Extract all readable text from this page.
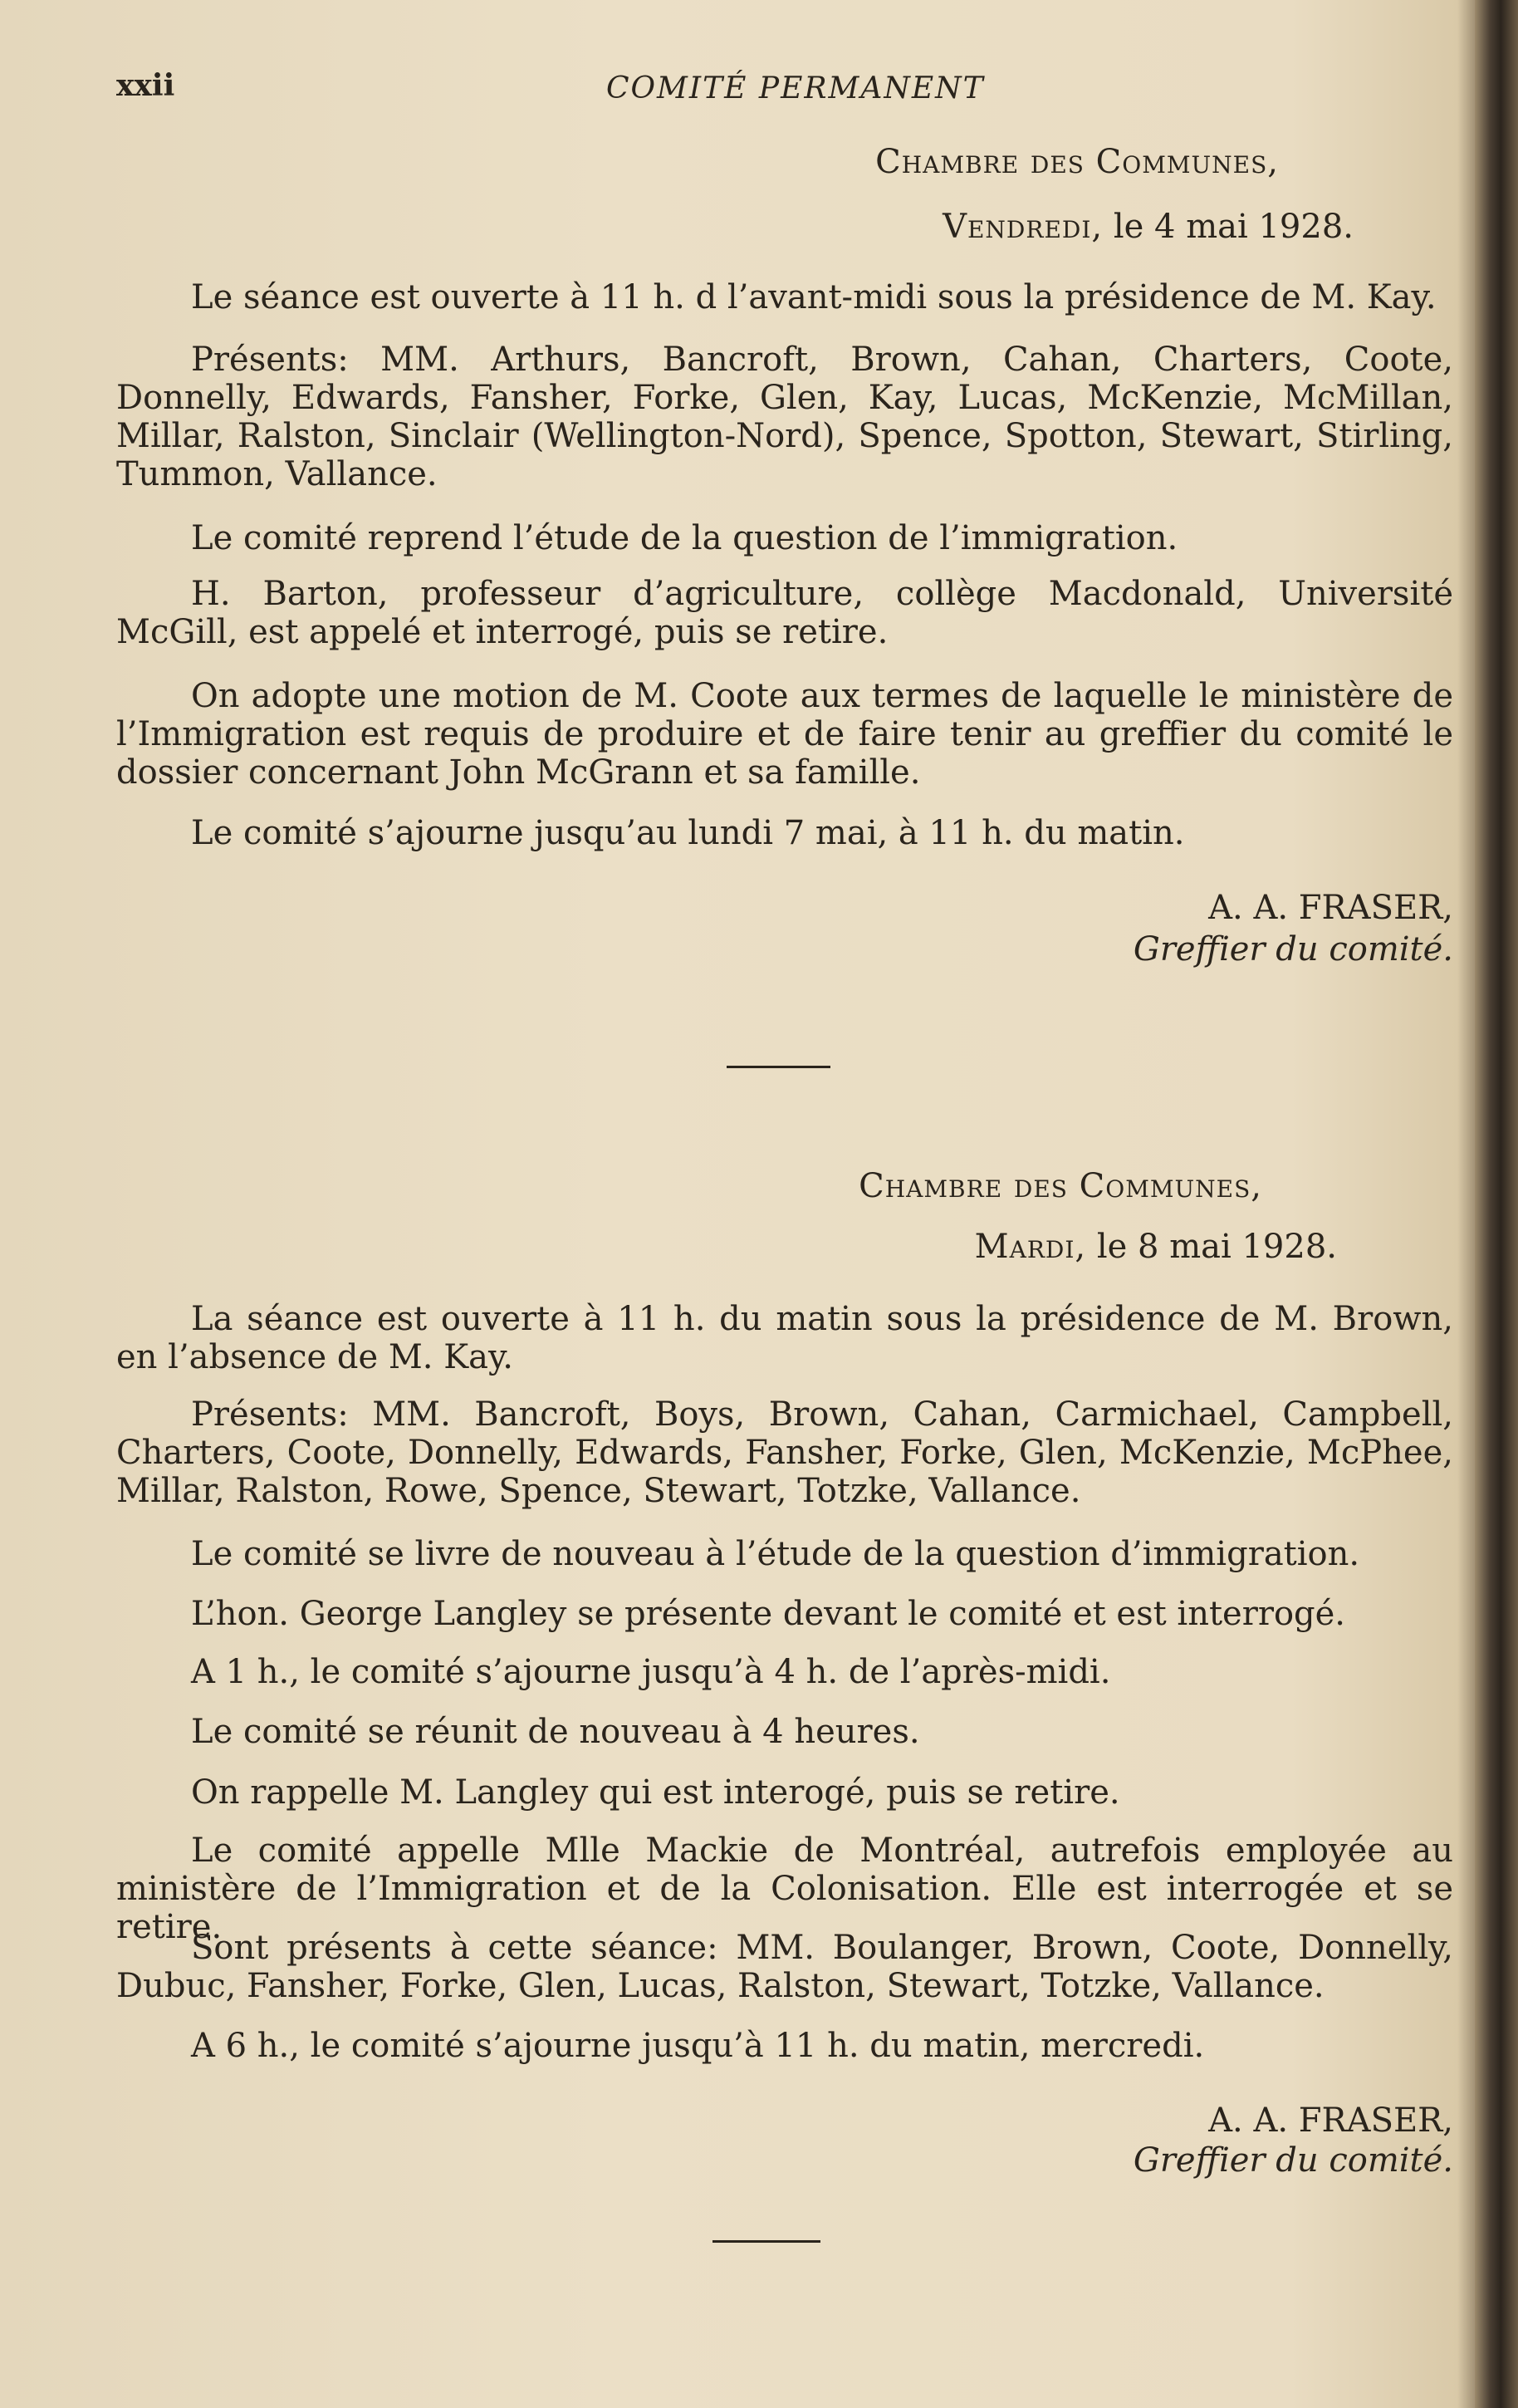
xxii	COMITÉ PERMANENT
Chambre des Communes,
Vendredi, le 4 mai 1928.

Le séance est ouverte à 11 h. d l’avant-midi sous la présidence de M. Kay.

Présents: MM. Arthurs, Bancroft, Brown, Cahan, Charters, Coote, Donnelly, Edwards, Fansher, Forke, Glen, Kay, Lucas, McKenzie, McMillan, Millar, Ralston, Sinclair (Wellington-Nord), Spence, Spotton, Stewart, Stirling, Tummon, Vallance.

Le comité reprend l’étude de la question de l’immigration.

H. Barton, professeur d’agriculture, collège Macdonald, Université McGill, est appelé et interrogé, puis se retire.

On adopte une motion de M. Coote aux termes de laquelle le ministère de l’Immigration est requis de produire et de faire tenir au greffier du comité le dossier concernant John McGrann et sa famille.

Le comité s’ajourne jusqu’au lundi 7 mai, à 11 h. du matin.

A. A. FRASER,
Greffier du comité.
Chambre des Communes,
Mardi, le 8 mai 1928.

La séance est ouverte à 11 h. du matin sous la présidence de M. Brown, en l’absence de M. Kay.

Présents: MM. Bancroft, Boys, Brown, Cahan, Carmichael, Campbell, Charters, Coote, Donnelly, Edwards, Fansher, Forke, Glen, McKenzie, McPhee, Millar, Ralston, Rowe, Spence, Stewart, Totzke, Vallance.

Le comité se livre de nouveau à l’étude de la question d’immigration.

L’hon. George Langley se présente devant le comité et est interrogé.

A 1 h., le comité s’ajourne jusqu’à 4 h. de l’après-midi.

Le comité se réunit de nouveau à 4 heures.

On rappelle M. Langley qui est interogé, puis se retire.

Le comité appelle Mlle Mackie de Montréal, autrefois employée au ministère de l’Immigration et de la Colonisation. Elle est interrogée et se retire.

Sont présents à cette séance: MM. Boulanger, Brown, Coote, Donnelly, Dubuc, Fansher, Forke, Glen, Lucas, Ralston, Stewart, Totzke, Vallance.

A 6 h., le comité s’ajourne jusqu’à 11 h. du matin, mercredi.

A. A. FRASER,
Greffier du comité.
